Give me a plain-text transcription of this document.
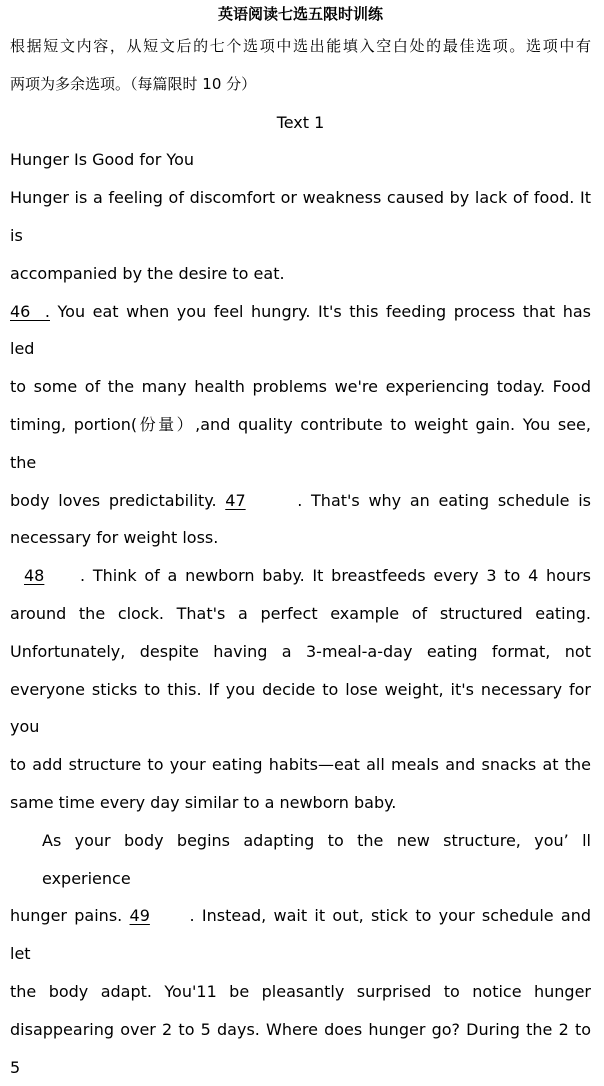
英语阅读七选五限时训练
根据短文内容，从短文后的七个选项中选出能填入空白处的最佳选项。选项中有
两项为多余选项。（每篇限时 10 分）
Text 1
Hunger Is Good for You
Hunger is a feeling of discomfort or weakness caused by lack of food. It is
accompanied by the desire to eat.
46  . You eat when you feel hungry. It's this feeding process that has led
to some of the many health problems we're experiencing today. Food
timing, portion(份量）,and quality contribute to weight gain. You see, the
body loves predictability. 47	. That's why an eating schedule is
necessary for weight loss.
48 . Think of a newborn baby. It breastfeeds every 3 to 4 hours
around the clock. That's a perfect example of structured eating.
Unfortunately, despite having a 3-meal-a-day eating format, not
everyone sticks to this. If you decide to lose weight, it's necessary for you
to add structure to your eating habits—eat all meals and snacks at the
same time every day similar to a newborn baby.
As your body begins adapting to the new structure, you’ ll experience
hunger pains. 49 . Instead, wait it out, stick to your schedule and let
the body adapt. You'11 be pleasantly surprised to notice hunger
disappearing over 2 to 5 days. Where does hunger go? During the 2 to 5
